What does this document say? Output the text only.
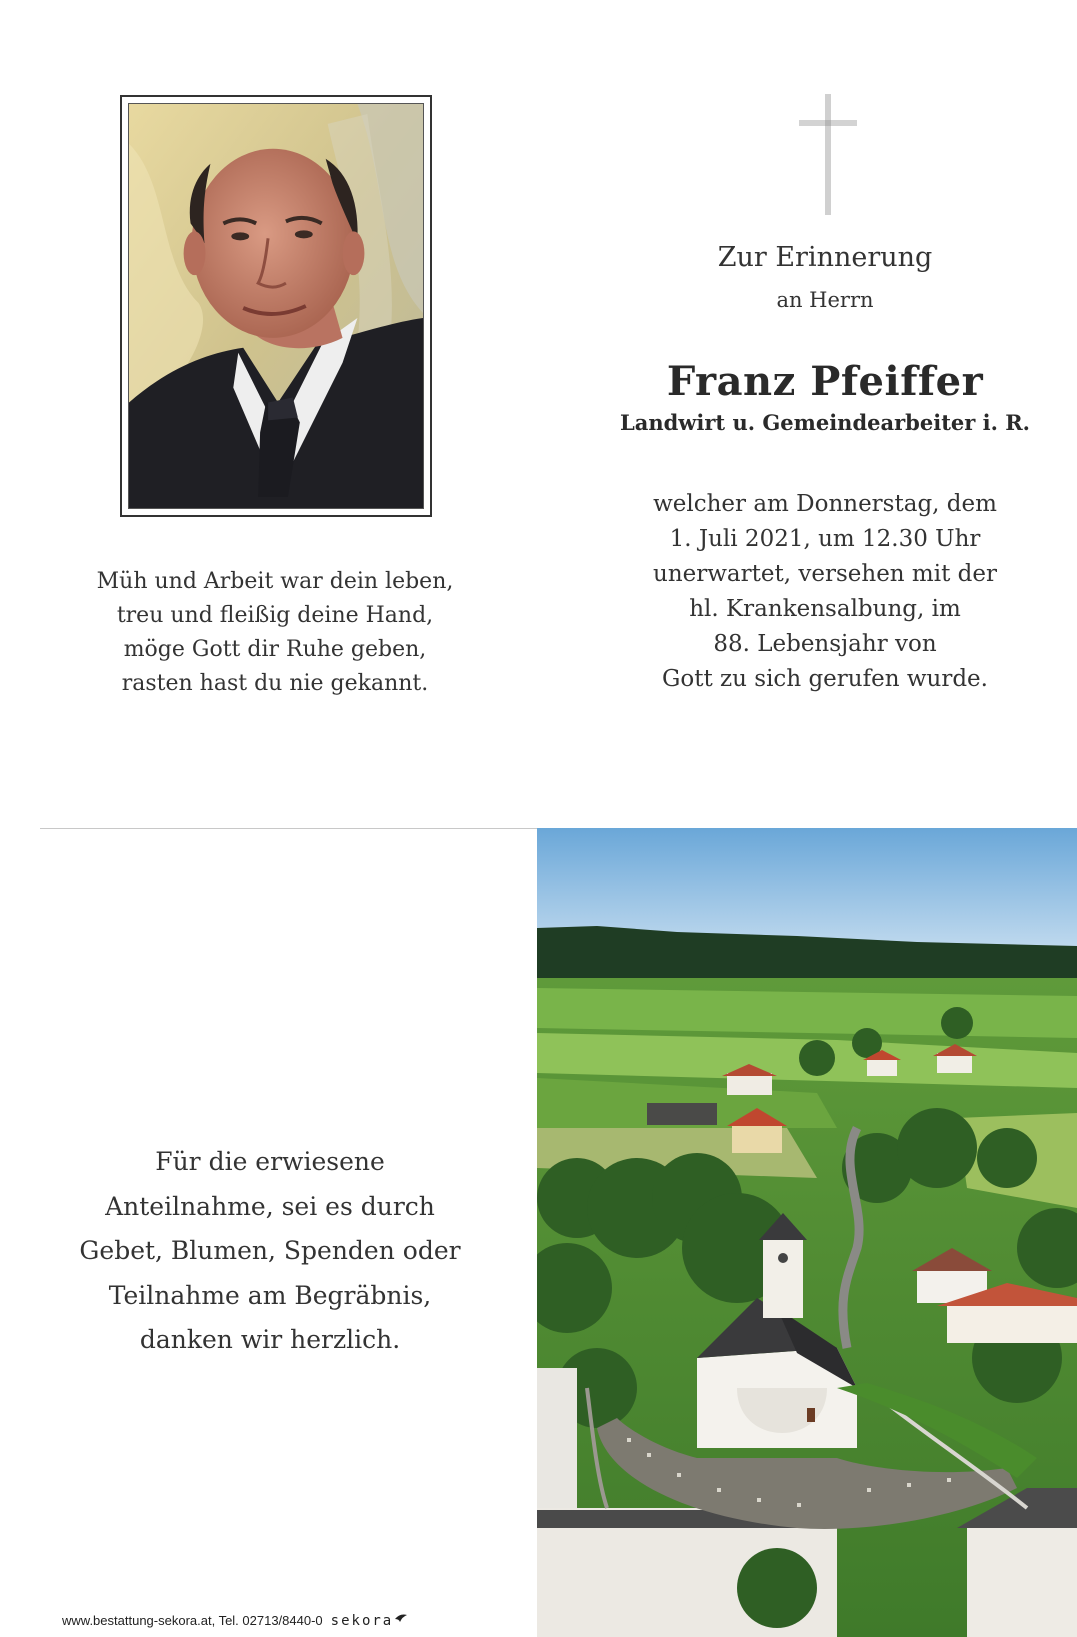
Müh und Arbeit war dein leben,
treu und fleißig deine Hand,
möge Gott dir Ruhe geben,
rasten hast du nie gekannt.
Zur Erinnerung
an Herrn
Franz Pfeiffer
Landwirt u. Gemeindearbeiter i. R.
welcher am Donnerstag, dem
1. Juli 2021, um 12.30 Uhr
unerwartet, versehen mit der
hl. Krankensalbung, im
88. Lebensjahr von
Gott zu sich gerufen wurde.
Für die erwiesene
Anteilnahme, sei es durch
Gebet, Blumen, Spenden oder
Teilnahme am Begräbnis,
danken wir herzlich.
www.bestattung-sekora.at, Tel. 02713/8440-0 sekora
